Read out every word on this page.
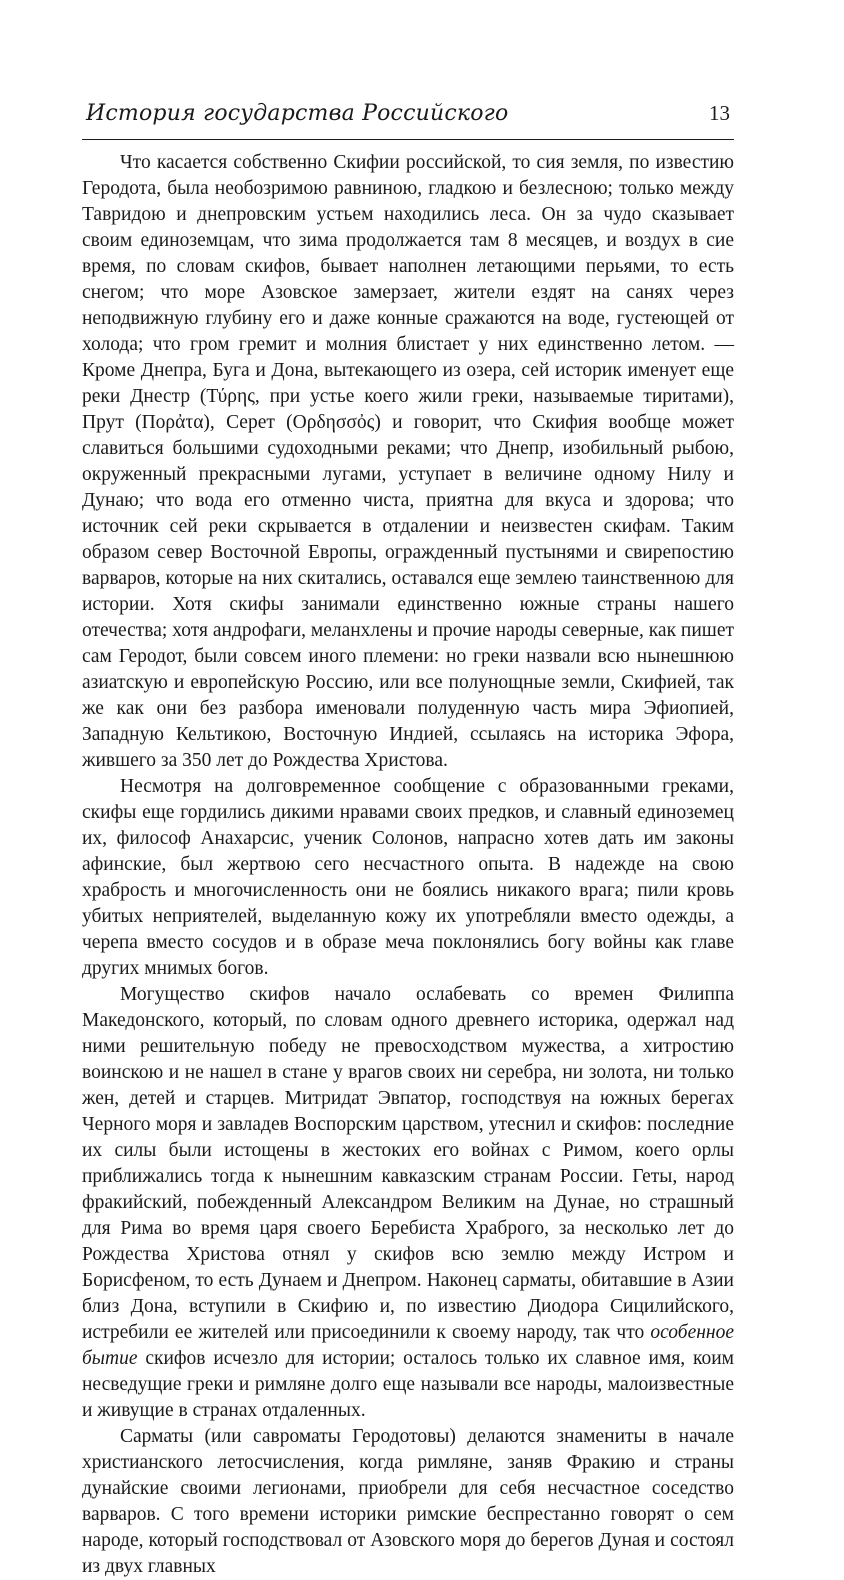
История государства Российского	13

Что касается собственно Скифии российской, то сия земля, по известию Геродота, была необозримою равниною, гладкою и безлесною; только между Тавридою и днепровским устьем находились леса. Он за чудо сказывает своим единоземцам, что зима продолжается там 8 месяцев, и воздух в сие время, по словам скифов, бывает наполнен летающими перьями, то есть снегом; что море Азовское замерзает, жители ездят на санях через неподвижную глубину его и даже конные сражаются на воде, густеющей от холода; что гром гремит и молния блистает у них единственно летом. — Кроме Днепра, Буга и Дона, вытекающего из озера, сей историк именует еще реки Днестр (Τύρης, при устье коего жили греки, называемые тиритами), Прут (Πορἀτα), Серет (Ορδησσὀς) и говорит, что Скифия вообще может славиться большими судоходными реками; что Днепр, изобильный рыбою, окруженный прекрасными лугами, уступает в величине одному Нилу и Дунаю; что вода его отменно чиста, приятна для вкуса и здорова; что источник сей реки скрывается в отдалении и неизвестен скифам. Таким образом север Восточной Европы, огражденный пустынями и свирепостию варваров, которые на них скитались, оставался еще землею таинственною для истории. Хотя скифы занимали единственно южные страны нашего отечества; хотя андрофаги, меланхлены и прочие народы северные, как пишет сам Геродот, были совсем иного племени: но греки назвали всю нынешнюю азиатскую и европейскую Россию, или все полунощные земли, Скифией, так же как они без разбора именовали полуденную часть мира Эфиопией, Западную Кельтикою, Восточную Индией, ссылаясь на историка Эфора, жившего за 350 лет до Рождества Христова.

Несмотря на долговременное сообщение с образованными греками, скифы еще гордились дикими нравами своих предков, и славный единоземец их, философ Анахарсис, ученик Солонов, напрасно хотев дать им законы афинские, был жертвою сего несчастного опыта. В надежде на свою храбрость и многочисленность они не боялись никакого врага; пили кровь убитых неприятелей, выделанную кожу их употребляли вместо одежды, а черепа вместо сосудов и в образе меча поклонялись богу войны как главе других мнимых богов.

Могущество скифов начало ослабевать со времен Филиппа Македонского, который, по словам одного древнего историка, одержал над ними решительную победу не превосходством мужества, а хитростию воинскою и не нашел в стане у врагов своих ни серебра, ни золота, ни только жен, детей и старцев. Митридат Эвпатор, господствуя на южных берегах Черного моря и завладев Воспорским царством, утеснил и скифов: последние их силы были истощены в жестоких его войнах с Римом, коего орлы приближались тогда к нынешним кавказским странам России. Геты, народ фракийский, побежденный Александром Великим на Дунае, но страшный для Рима во время царя своего Беребиста Храброго, за несколько лет до Рождества Христова отнял у скифов всю землю между Истром и Борисфеном, то есть Дунаем и Днепром. Наконец сарматы, обитавшие в Азии близ Дона, вступили в Скифию и, по известию Диодора Сицилийского, истребили ее жителей или присоединили к своему народу, так что особенное бытие скифов исчезло для истории; осталось только их славное имя, коим несведущие греки и римляне долго еще называли все народы, малоизвестные и живущие в странах отдаленных.

Сарматы (или савроматы Геродотовы) делаются знамениты в начале христианского летосчисления, когда римляне, заняв Фракию и страны дунайские своими легионами, приобрели для себя несчастное соседство варваров. С того времени историки римские беспрестанно говорят о сем народе, который господствовал от Азовского моря до берегов Дуная и состоял из двух главных
